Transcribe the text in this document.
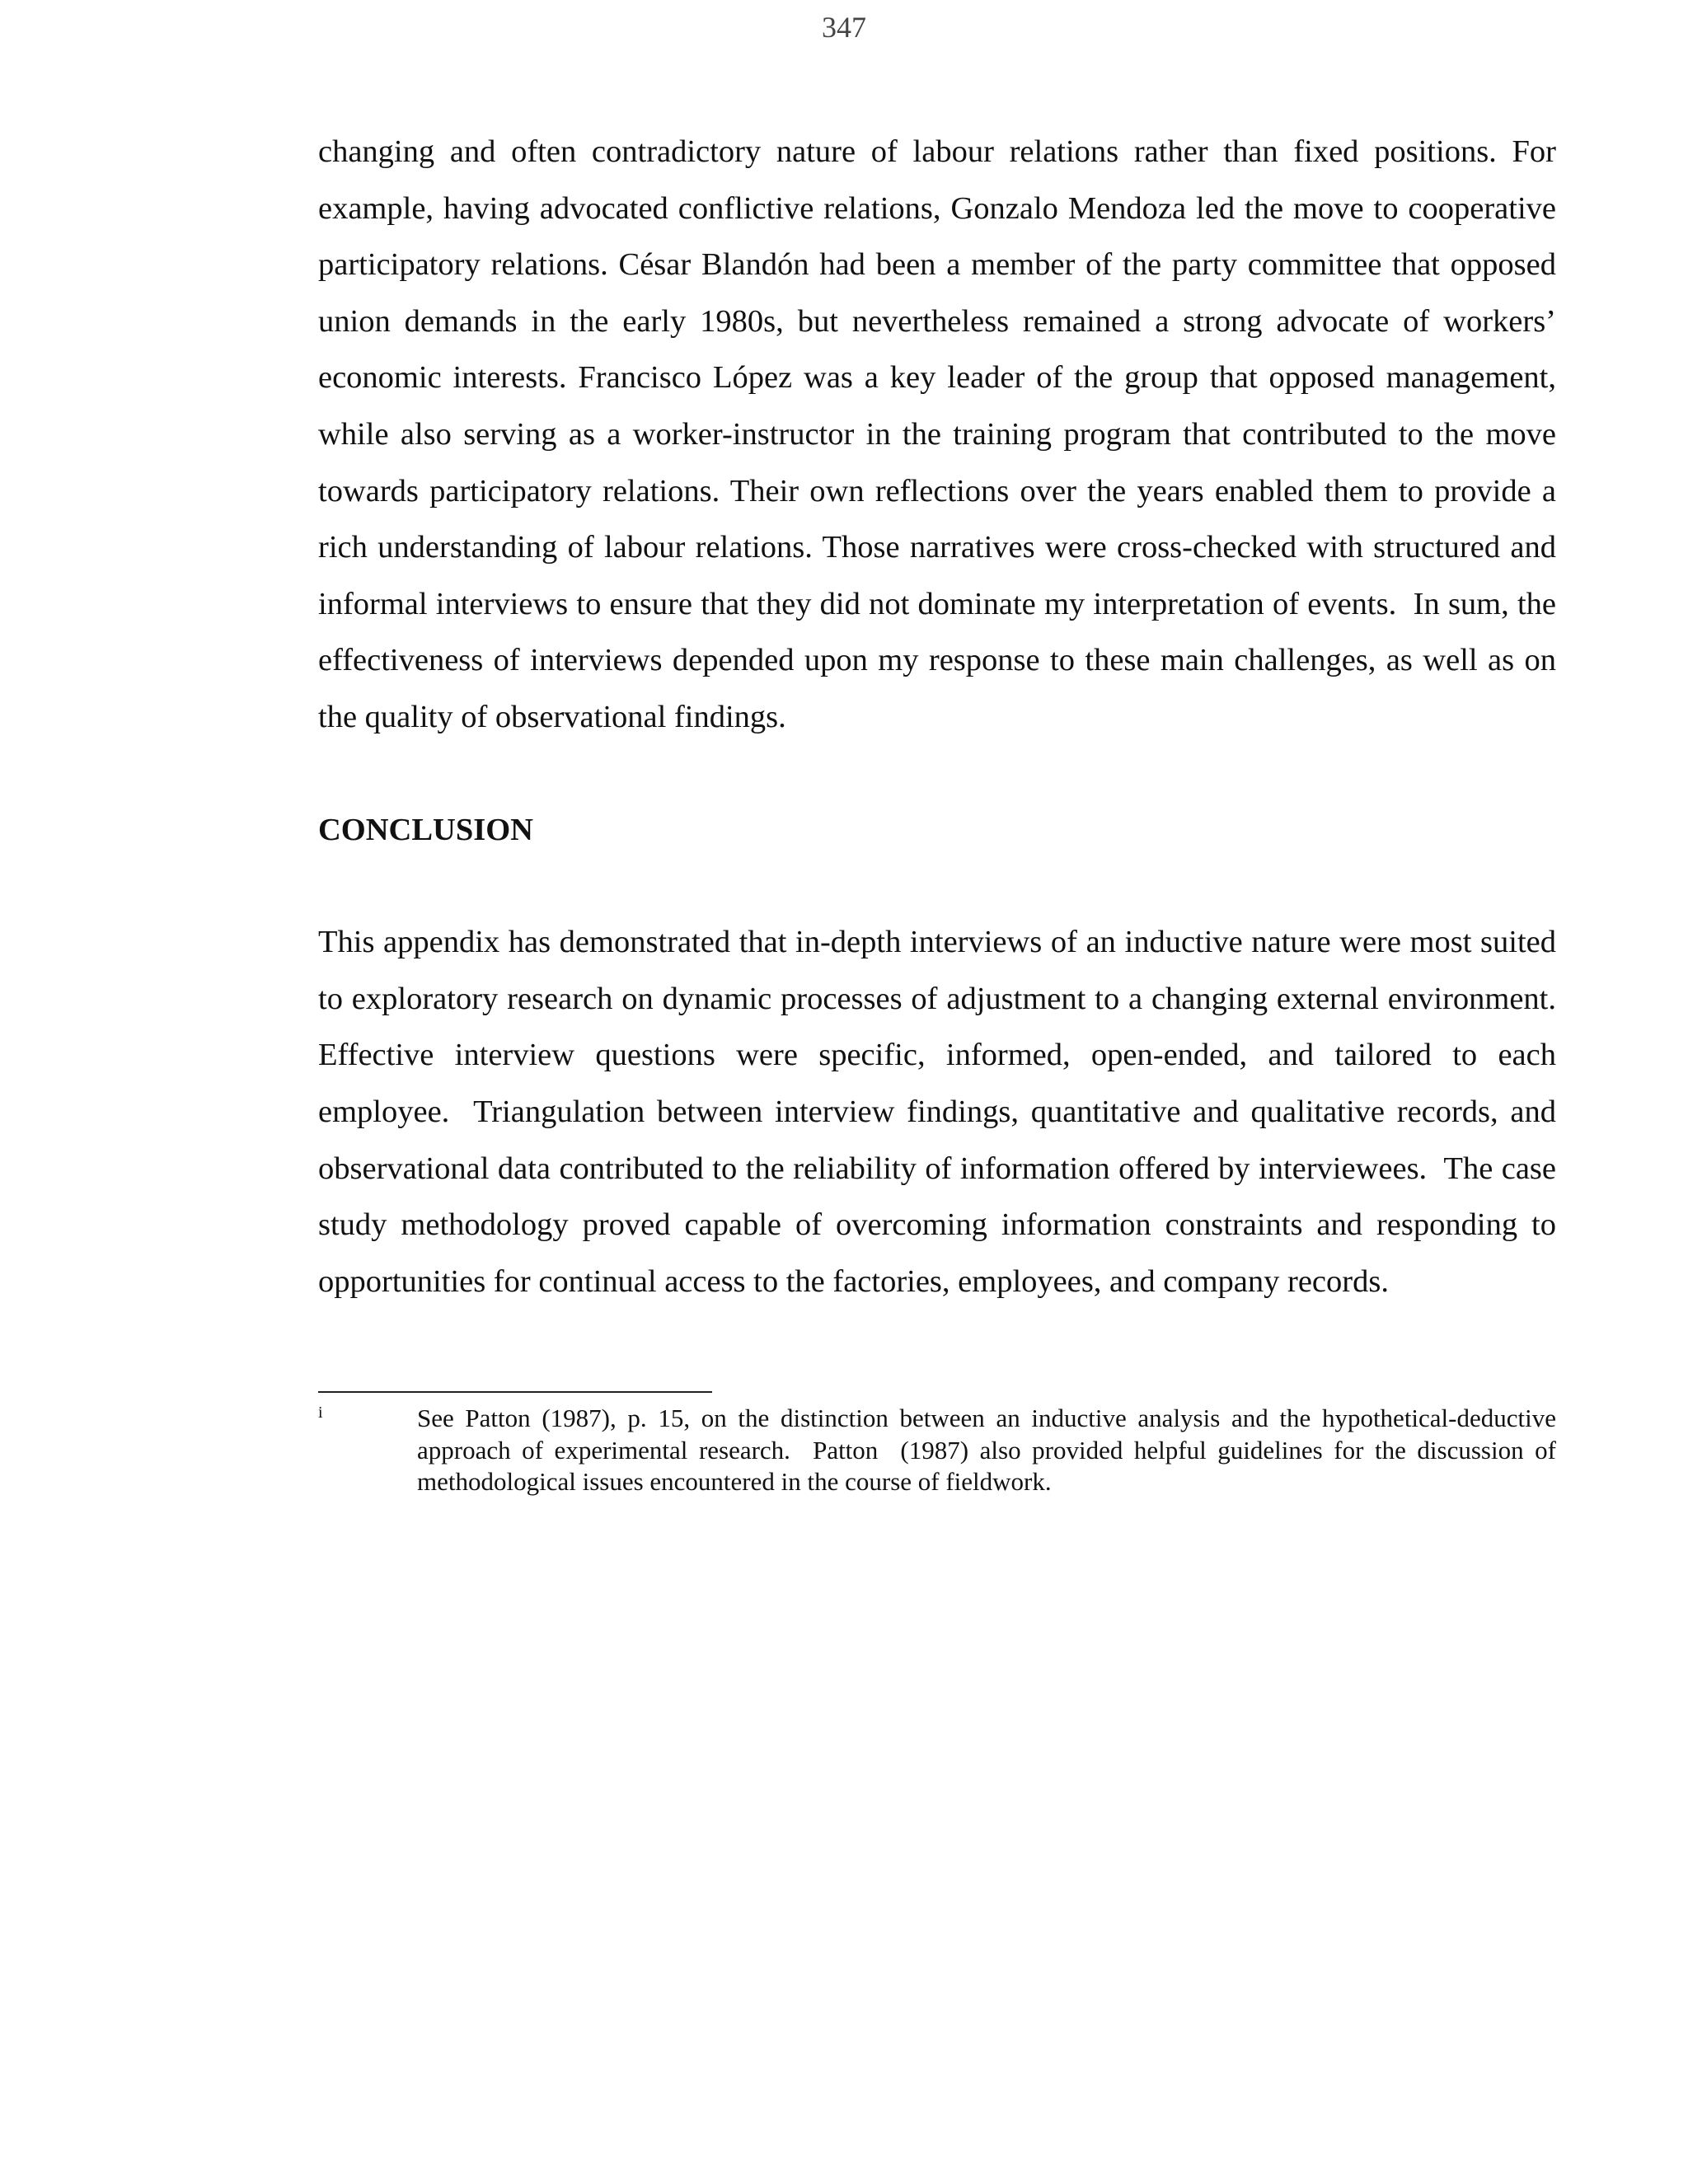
347

changing and often contradictory nature of labour relations rather than fixed positions. For example, having advocated conflictive relations, Gonzalo Mendoza led the move to cooperative participatory relations. César Blandón had been a member of the party committee that opposed union demands in the early 1980s, but nevertheless remained a strong advocate of workers’ economic interests. Francisco López was a key leader of the group that opposed management, while also serving as a worker-instructor in the training program that contributed to the move towards participatory relations. Their own reflections over the years enabled them to provide a rich understanding of labour relations. Those narratives were cross-checked with structured and informal interviews to ensure that they did not dominate my interpretation of events.  In sum, the effectiveness of interviews depended upon my response to these main challenges, as well as on the quality of observational findings.

CONCLUSION

This appendix has demonstrated that in-depth interviews of an inductive nature were most suited to exploratory research on dynamic processes of adjustment to a changing external environment.  Effective interview questions were specific, informed, open-ended, and tailored to each employee.  Triangulation between interview findings, quantitative and qualitative records, and observational data contributed to the reliability of information offered by interviewees.  The case study methodology proved capable of overcoming information constraints and responding to opportunities for continual access to the factories, employees, and company records.

i	See Patton (1987), p. 15, on the distinction between an inductive analysis and the hypothetical-deductive approach of experimental research.  Patton  (1987) also provided helpful guidelines for the discussion of methodological issues encountered in the course of fieldwork.
